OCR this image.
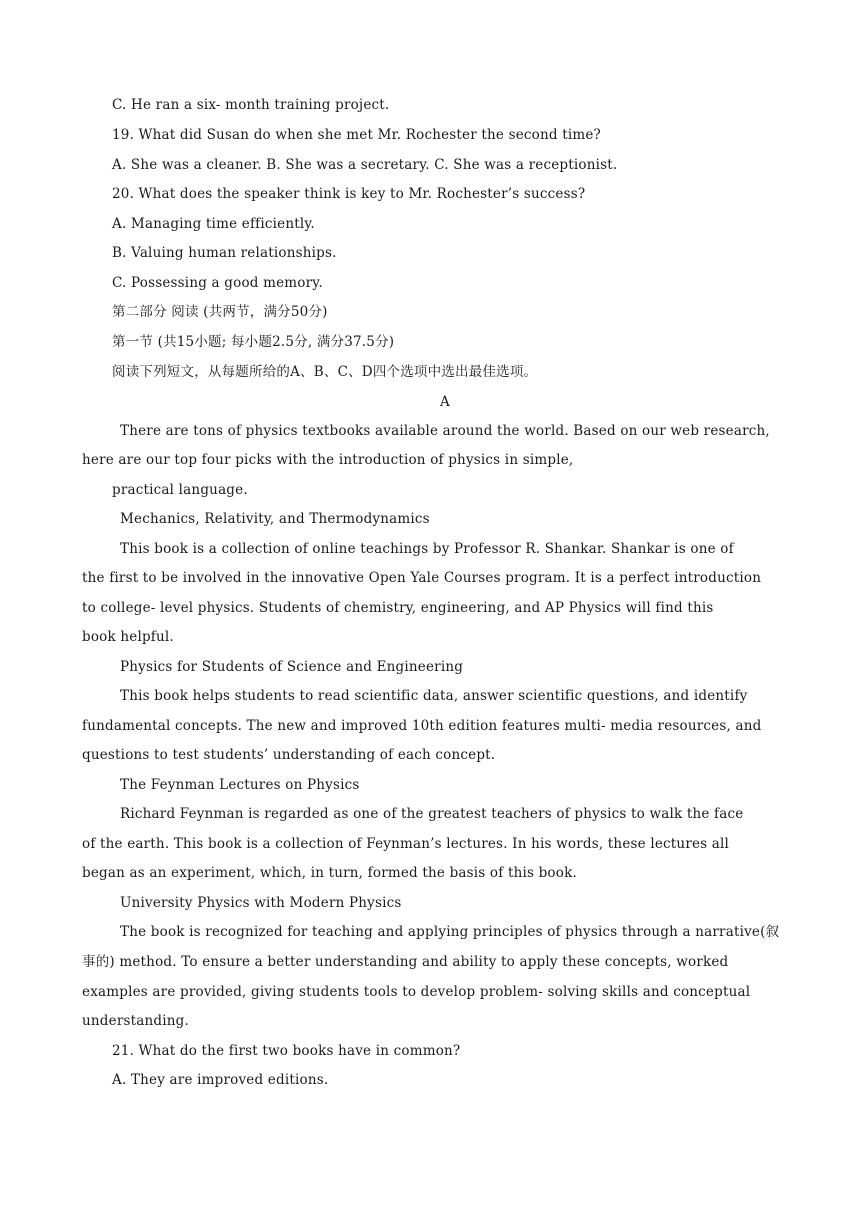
C. He ran a six- month training project.
19. What did Susan do when she met Mr. Rochester the second time?
A. She was a cleaner. B. She was a secretary. C. She was a receptionist.
20. What does the speaker think is key to Mr. Rochester’s success?
A. Managing time efficiently.
B. Valuing human relationships.
C. Possessing a good memory.
第二部分 阅读 (共两节，满分50分)
第一节 (共15小题; 每小题2.5分, 满分37.5分)
阅读下列短文，从每题所给的A、B、C、D四个选项中选出最佳选项。
A
There are tons of physics textbooks available around the world. Based on our web research,
here are our top four picks with the introduction of physics in simple,
practical language.
Mechanics, Relativity, and Thermodynamics
This book is a collection of online teachings by Professor R. Shankar. Shankar is one of
the first to be involved in the innovative Open Yale Courses program. It is a perfect introduction
to college- level physics. Students of chemistry, engineering, and AP Physics will find this
book helpful.
Physics for Students of Science and Engineering
This book helps students to read scientific data, answer scientific questions, and identify
fundamental concepts. The new and improved 10th edition features multi- media resources, and
questions to test students’ understanding of each concept.
The Feynman Lectures on Physics
Richard Feynman is regarded as one of the greatest teachers of physics to walk the face
of the earth. This book is a collection of Feynman’s lectures. In his words, these lectures all
began as an experiment, which, in turn, formed the basis of this book.
University Physics with Modern Physics
The book is recognized for teaching and applying principles of physics through a narrative(叙
事的) method. To ensure a better understanding and ability to apply these concepts, worked
examples are provided, giving students tools to develop problem- solving skills and conceptual
understanding.
21. What do the first two books have in common?
A. They are improved editions.
